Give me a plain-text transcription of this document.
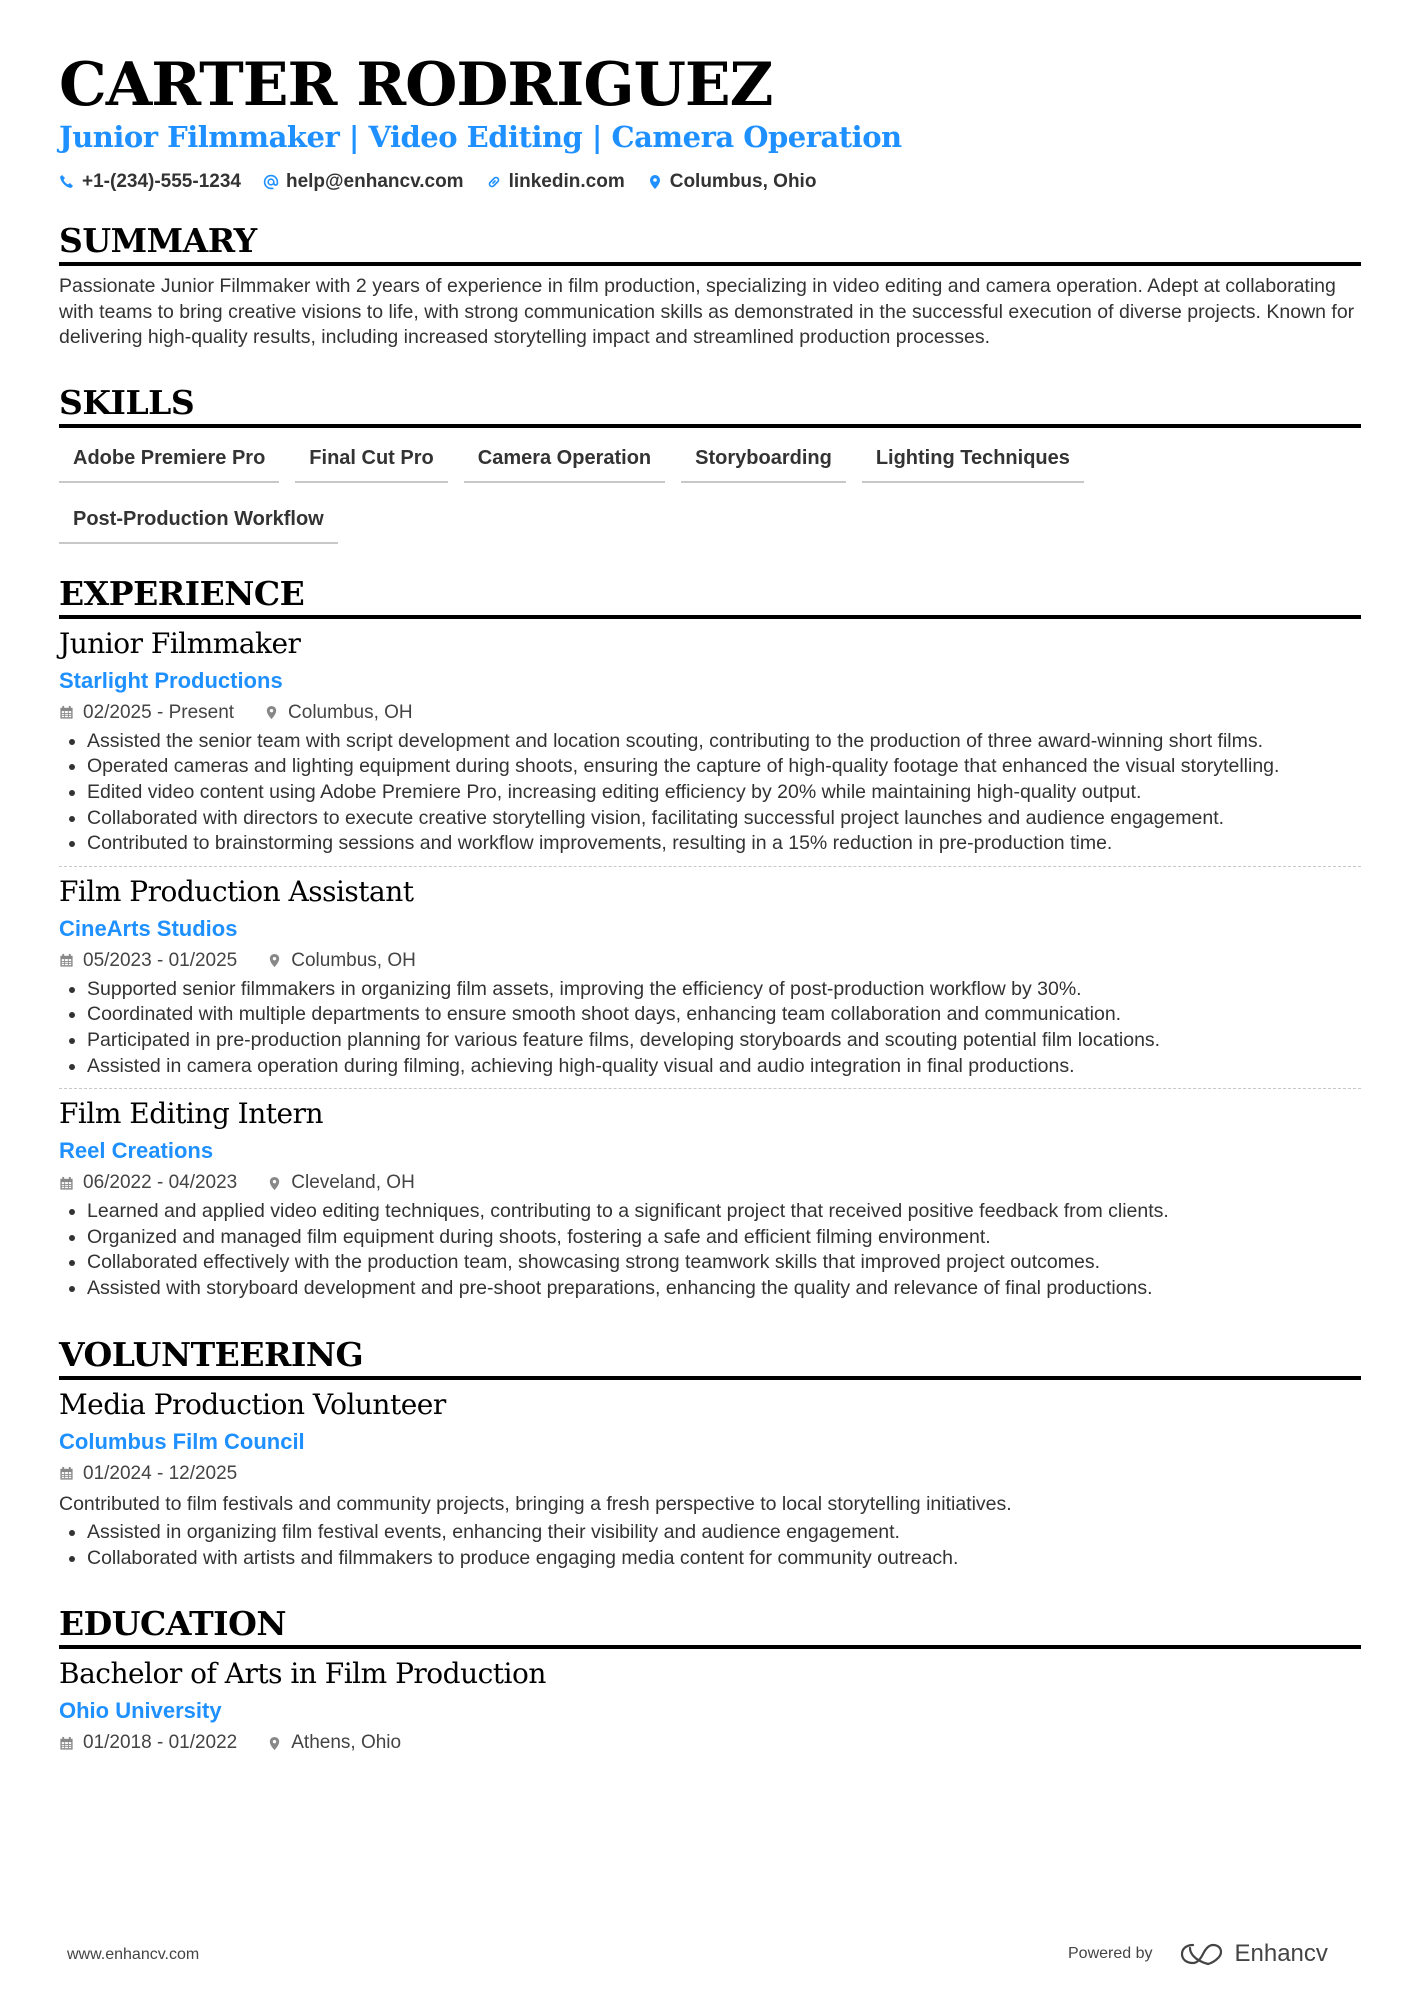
CARTER RODRIGUEZ
Junior Filmmaker | Video Editing | Camera Operation
+1-(234)-555-1234 help@enhancv.com linkedin.com Columbus, Ohio
SUMMARY
Passionate Junior Filmmaker with 2 years of experience in film production, specializing in video editing and camera operation. Adept at collaborating with teams to bring creative visions to life, with strong communication skills as demonstrated in the successful execution of diverse projects. Known for delivering high-quality results, including increased storytelling impact and streamlined production processes.
SKILLS
Adobe Premiere Pro	Final Cut Pro	Camera Operation	Storyboarding	Lighting Techniques
Post-Production Workflow
EXPERIENCE
Junior Filmmaker
Starlight Productions
02/2025 - Present	Columbus, OH
• Assisted the senior team with script development and location scouting, contributing to the production of three award-winning short films.
• Operated cameras and lighting equipment during shoots, ensuring the capture of high-quality footage that enhanced the visual storytelling.
• Edited video content using Adobe Premiere Pro, increasing editing efficiency by 20% while maintaining high-quality output.
• Collaborated with directors to execute creative storytelling vision, facilitating successful project launches and audience engagement.
• Contributed to brainstorming sessions and workflow improvements, resulting in a 15% reduction in pre-production time.
Film Production Assistant
CineArts Studios
05/2023 - 01/2025	Columbus, OH
• Supported senior filmmakers in organizing film assets, improving the efficiency of post-production workflow by 30%.
• Coordinated with multiple departments to ensure smooth shoot days, enhancing team collaboration and communication.
• Participated in pre-production planning for various feature films, developing storyboards and scouting potential film locations.
• Assisted in camera operation during filming, achieving high-quality visual and audio integration in final productions.
Film Editing Intern
Reel Creations
06/2022 - 04/2023	Cleveland, OH
• Learned and applied video editing techniques, contributing to a significant project that received positive feedback from clients.
• Organized and managed film equipment during shoots, fostering a safe and efficient filming environment.
• Collaborated effectively with the production team, showcasing strong teamwork skills that improved project outcomes.
• Assisted with storyboard development and pre-shoot preparations, enhancing the quality and relevance of final productions.
VOLUNTEERING
Media Production Volunteer
Columbus Film Council
01/2024 - 12/2025
Contributed to film festivals and community projects, bringing a fresh perspective to local storytelling initiatives.
• Assisted in organizing film festival events, enhancing their visibility and audience engagement.
• Collaborated with artists and filmmakers to produce engaging media content for community outreach.
EDUCATION
Bachelor of Arts in Film Production
Ohio University
01/2018 - 01/2022	Athens, Ohio
www.enhancv.com	Powered by	Enhancv
